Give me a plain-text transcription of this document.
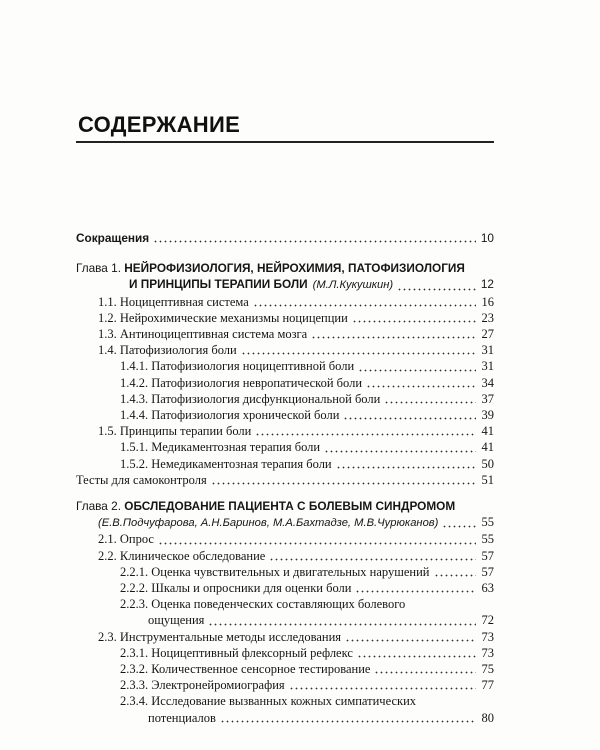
СОДЕРЖАНИЕ
Сокращения	10
Глава 1. НЕЙРОФИЗИОЛОГИЯ, НЕЙРОХИМИЯ, ПАТОФИЗИОЛОГИЯ
И ПРИНЦИПЫ ТЕРАПИИ БОЛИ (М.Л.Кукушкин)	12
1.1. Ноцицептивная система	16
1.2. Нейрохимические механизмы ноцицепции	23
1.3. Антиноцицептивная система мозга	27
1.4. Патофизиология боли	31
1.4.1. Патофизиология ноцицептивной боли	31
1.4.2. Патофизиология невропатической боли	34
1.4.3. Патофизиология дисфункциональной боли	37
1.4.4. Патофизиология хронической боли	39
1.5. Принципы терапии боли	41
1.5.1. Медикаментозная терапия боли	41
1.5.2. Немедикаментозная терапия боли	50
Тесты для самоконтроля	51
Глава 2. ОБСЛЕДОВАНИЕ ПАЦИЕНТА С БОЛЕВЫМ СИНДРОМОМ
(Е.В.Подчуфарова, А.Н.Баринов, М.А.Бахтадзе, М.В.Чурюканов)	55
2.1. Опрос	55
2.2. Клиническое обследование	57
2.2.1. Оценка чувствительных и двигательных нарушений	57
2.2.2. Шкалы и опросники для оценки боли	63
2.2.3. Оценка поведенческих составляющих болевого
ощущения	72
2.3. Инструментальные методы исследования	73
2.3.1. Ноцицептивный флексорный рефлекс	73
2.3.2. Количественное сенсорное тестирование	75
2.3.3. Электронейромиография	77
2.3.4. Исследование вызванных кожных симпатических
потенциалов	80
